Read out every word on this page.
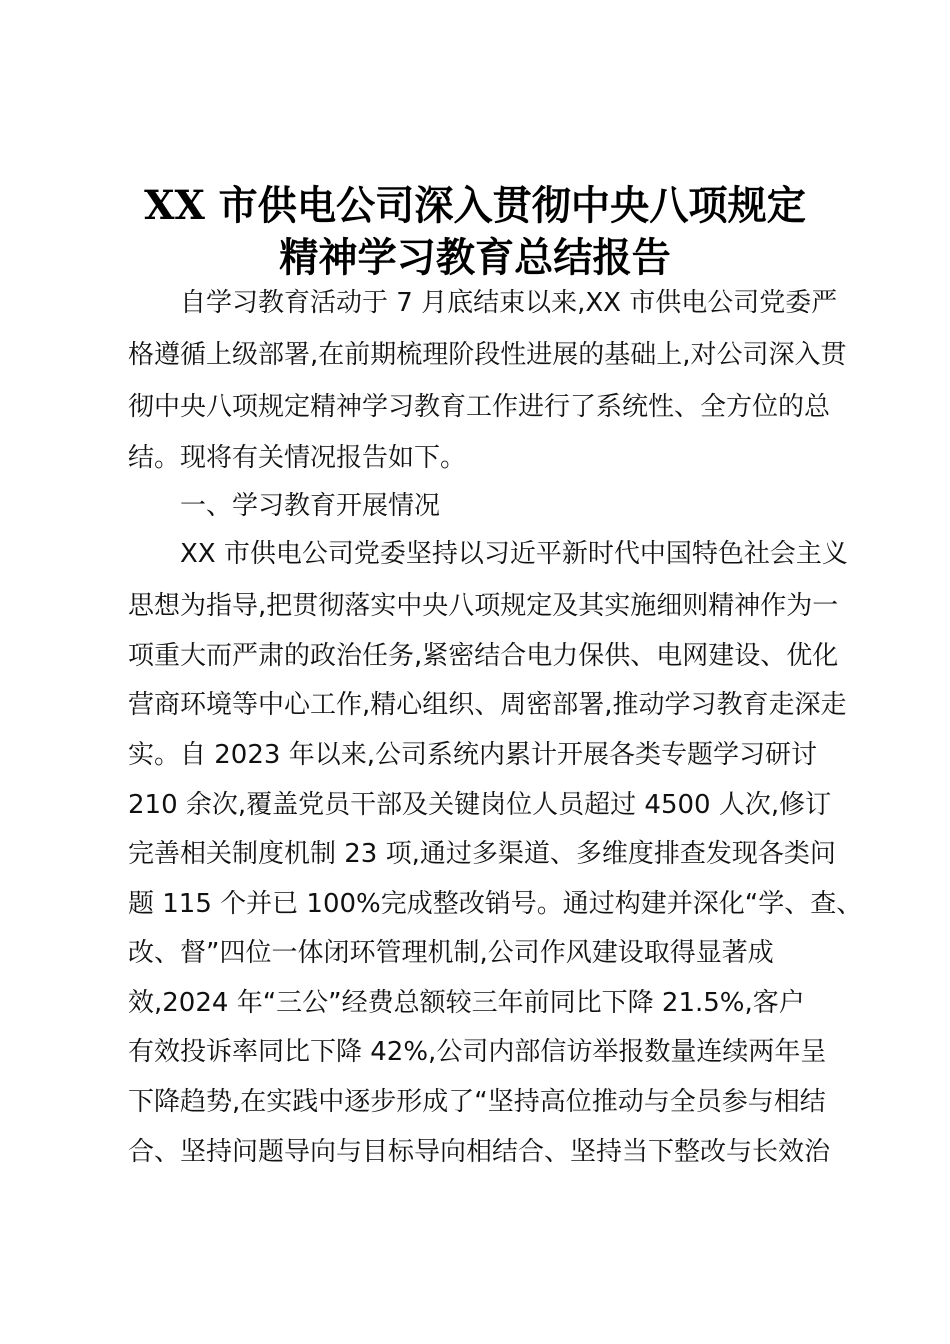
XX 市供电公司深入贯彻中央八项规定
精神学习教育总结报告
自学习教育活动于 7 月底结束以来,XX 市供电公司党委严
格遵循上级部署,在前期梳理阶段性进展的基础上,对公司深入贯
彻中央八项规定精神学习教育工作进行了系统性、全方位的总
结。现将有关情况报告如下。
一、学习教育开展情况
XX 市供电公司党委坚持以习近平新时代中国特色社会主义
思想为指导,把贯彻落实中央八项规定及其实施细则精神作为一
项重大而严肃的政治任务,紧密结合电力保供、电网建设、优化
营商环境等中心工作,精心组织、周密部署,推动学习教育走深走
实。自 2023 年以来,公司系统内累计开展各类专题学习研讨
210 余次,覆盖党员干部及关键岗位人员超过 4500 人次,修订
完善相关制度机制 23 项,通过多渠道、多维度排查发现各类问
题 115 个并已 100%完成整改销号。通过构建并深化“学、查、
改、督”四位一体闭环管理机制,公司作风建设取得显著成
效,2024 年“三公”经费总额较三年前同比下降 21.5%,客户
有效投诉率同比下降 42%,公司内部信访举报数量连续两年呈
下降趋势,在实践中逐步形成了“坚持高位推动与全员参与相结
合、坚持问题导向与目标导向相结合、坚持当下整改与长效治
